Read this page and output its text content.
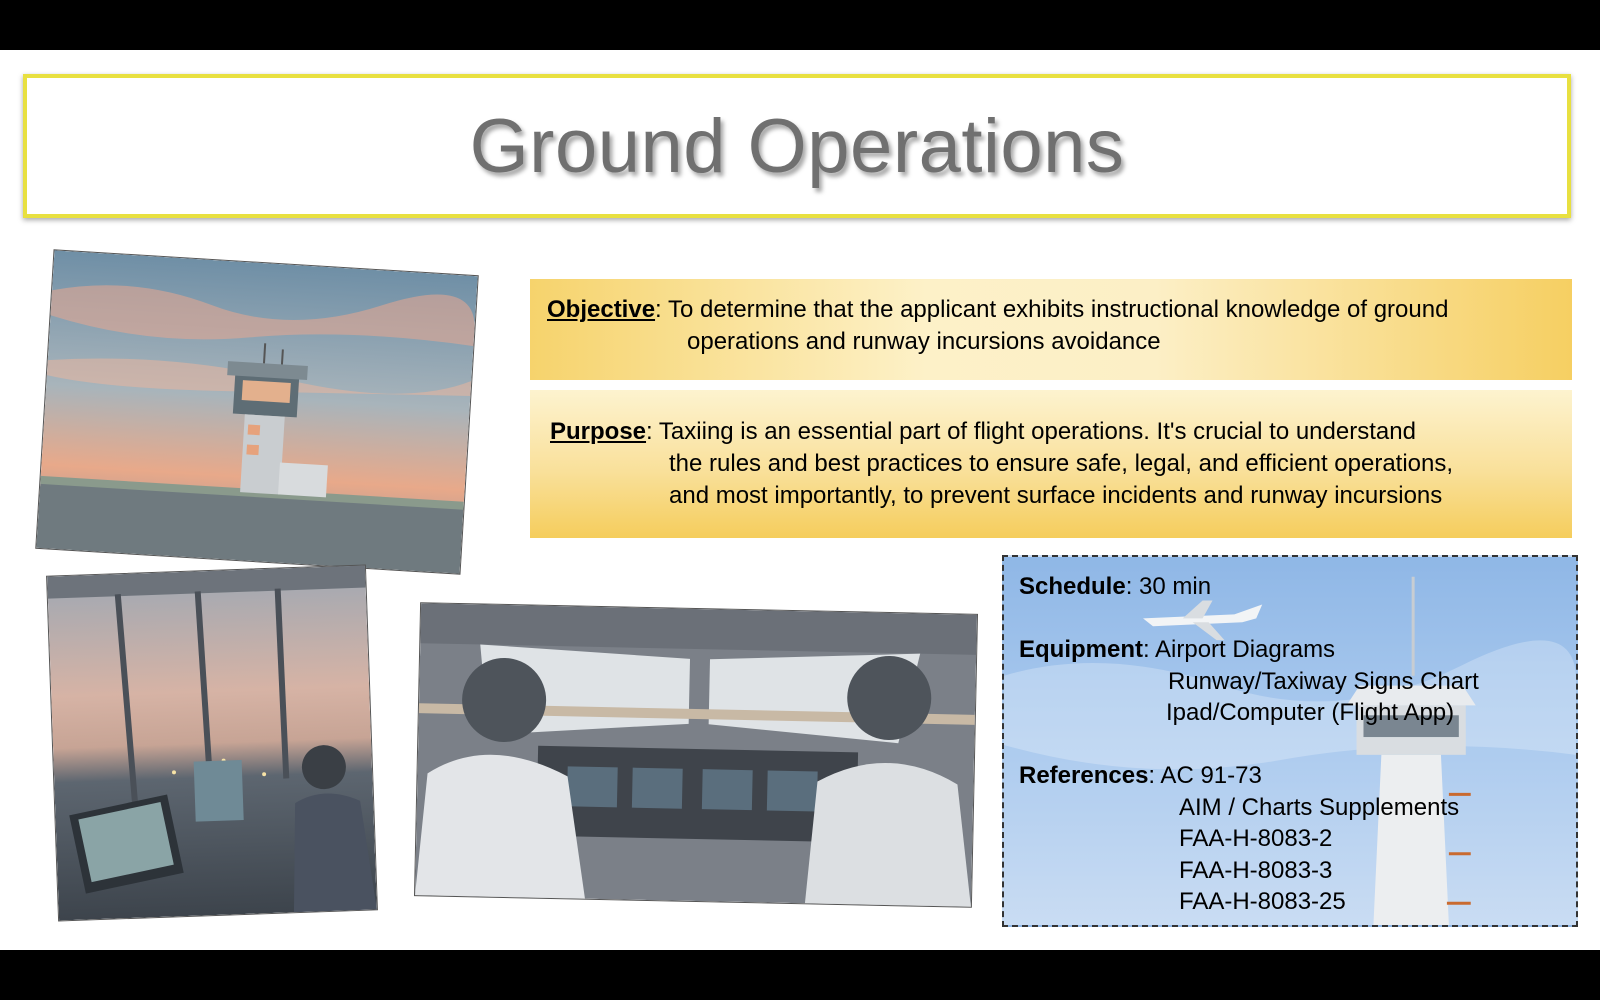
Ground Operations
Objective: To determine that the applicant exhibits instructional knowledge of ground
operations and runway incursions avoidance
Purpose: Taxiing is an essential part of flight operations. It's crucial to understand
the rules and best practices to ensure safe, legal, and efficient operations,
and most importantly, to prevent surface incidents and runway incursions
Schedule: 30 min
Equipment: Airport Diagrams
Runway/Taxiway Signs Chart
Ipad/Computer (Flight App)
References: AC 91-73
AIM / Charts Supplements
FAA-H-8083-2
FAA-H-8083-3
FAA-H-8083-25
